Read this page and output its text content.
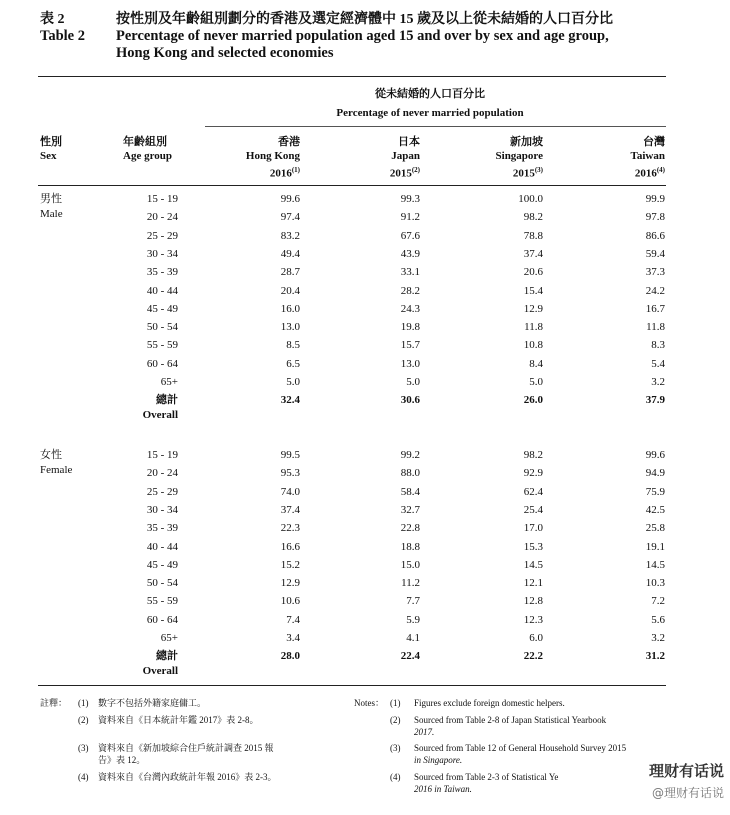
表 2	按性別及年齡組別劃分的香港及選定經濟體中 15 歲及以上從未結婚的人口百分比
Table 2 Percentage of never married population aged 15 and over by sex and age group,
Hong Kong and selected economies
從未結婚的人口百分比
Percentage of never married population
性別
Sex
年齡組別
Age group
香港
Hong Kong
2016$^{(1)}$
日本
Japan
2015$^{(2)}$
新加坡
Singapore
2015$^{(3)}$
台灣
Taiwan
2016$^{(4)}$
男性
Male
15 - 19	99.6	99.3	100.0	99.9
20 - 24	97.4	91.2	98.2	97.8
25 - 29	83.2	67.6	78.8	86.6
30 - 34	49.4	43.9	37.4	59.4
35 - 39	28.7	33.1	20.6	37.3
40 - 44	20.4	28.2	15.4	24.2
45 - 49	16.0	24.3	12.9	16.7
50 - 54	13.0	19.8	11.8	11.8
55 - 59	8.5	15.7	10.8	8.3
60 - 64	6.5	13.0	8.4	5.4
65+	5.0	5.0	5.0	3.2
總計
Overall
32.4	30.6	26.0	37.9
女性
Female
15 - 19	99.5	99.2	98.2	99.6
20 - 24	95.3	88.0	92.9	94.9
25 - 29	74.0	58.4	62.4	75.9
30 - 34	37.4	32.7	25.4	42.5
35 - 39	22.3	22.8	17.0	25.8
40 - 44	16.6	18.8	15.3	19.1
45 - 49	15.2	15.0	14.5	14.5
50 - 54	12.9	11.2	12.1	10.3
55 - 59	10.6	7.7	12.8	7.2
60 - 64	7.4	5.9	12.3	5.6
65+	3.4	4.1	6.0	3.2
總計
Overall
28.0	22.4	22.2	31.2
註釋：	Notes：
(1) 數字不包括外籍家庭傭工。
(2) 資料來自《日本統計年鑑 2017》表 2-8。
(3) 資料來自《新加坡綜合住戶統計調查 2015 報
告》表 12。
(4) 資料來自《台灣內政統計年報 2016》表 2-3。
(1) Figures exclude foreign domestic helpers.
(2) Sourced from Table 2-8 of Japan Statistical Yearbook
2017.
(3) Sourced from Table 12 of General Household Survey 2015
in Singapore.
(4) Sourced from Table 2-3 of Statistical Ye
2016 in Taiwan.
理财有话说
@理财有话说
